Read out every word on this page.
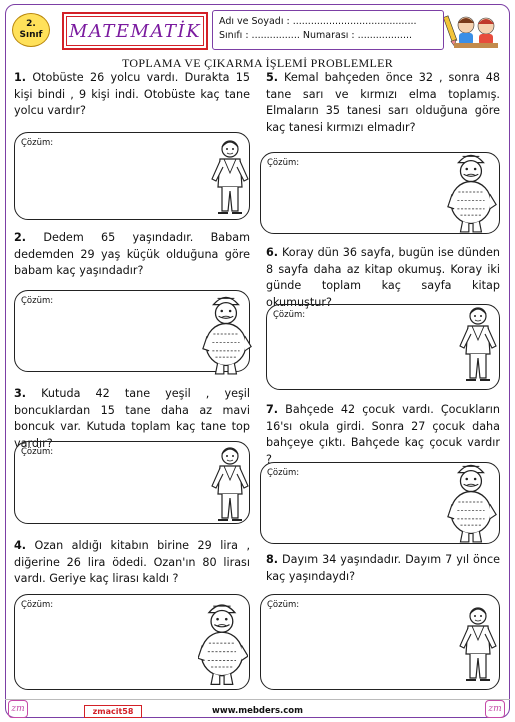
2.
Sınıf	MATEMATİK	Adı ve Soyadı : .........................................
Sınıfı : ................ Numarası : ..................
TOPLAMA VE ÇIKARMA İŞLEMİ PROBLEMLER
1. Otobüste 26 yolcu vardı. Durakta 15 kişi bindi , 9 kişi indi. Otobüste kaç tane yolcu vardır?
Çözüm:
2. Dedem 65 yaşındadır. Babam dedemden 29 yaş küçük olduğuna göre babam kaç yaşındadır?
Çözüm:
3. Kutuda 42 tane yeşil , yeşil boncuklardan 15 tane daha az mavi boncuk var. Kutuda toplam kaç tane top vardır?
Çözüm:
4. Ozan aldığı kitabın birine 29 lira , diğerine 26 lira ödedi. Ozan'ın 80 lirası vardı. Geriye kaç lirası kaldı ?
Çözüm:
5. Kemal bahçeden önce 32 , sonra 48 tane sarı ve kırmızı elma toplamış. Elmaların 35 tanesi sarı olduğuna göre kaç tanesi kırmızı elmadır?
Çözüm:
6. Koray dün 36 sayfa, bugün ise dünden 8 sayfa daha az kitap okumuş. Koray iki günde toplam kaç sayfa kitap okumuştur?
Çözüm:
7. Bahçede 42 çocuk vardı. Çocukların 16'sı okula girdi. Sonra 27 çocuk daha bahçeye çıktı. Bahçede kaç çocuk vardır ?
Çözüm:
8. Dayım 34 yaşındadır. Dayım 7 yıl önce kaç yaşındaydı?
Çözüm:
zm	zmacit58	www.mebders.com	zm
